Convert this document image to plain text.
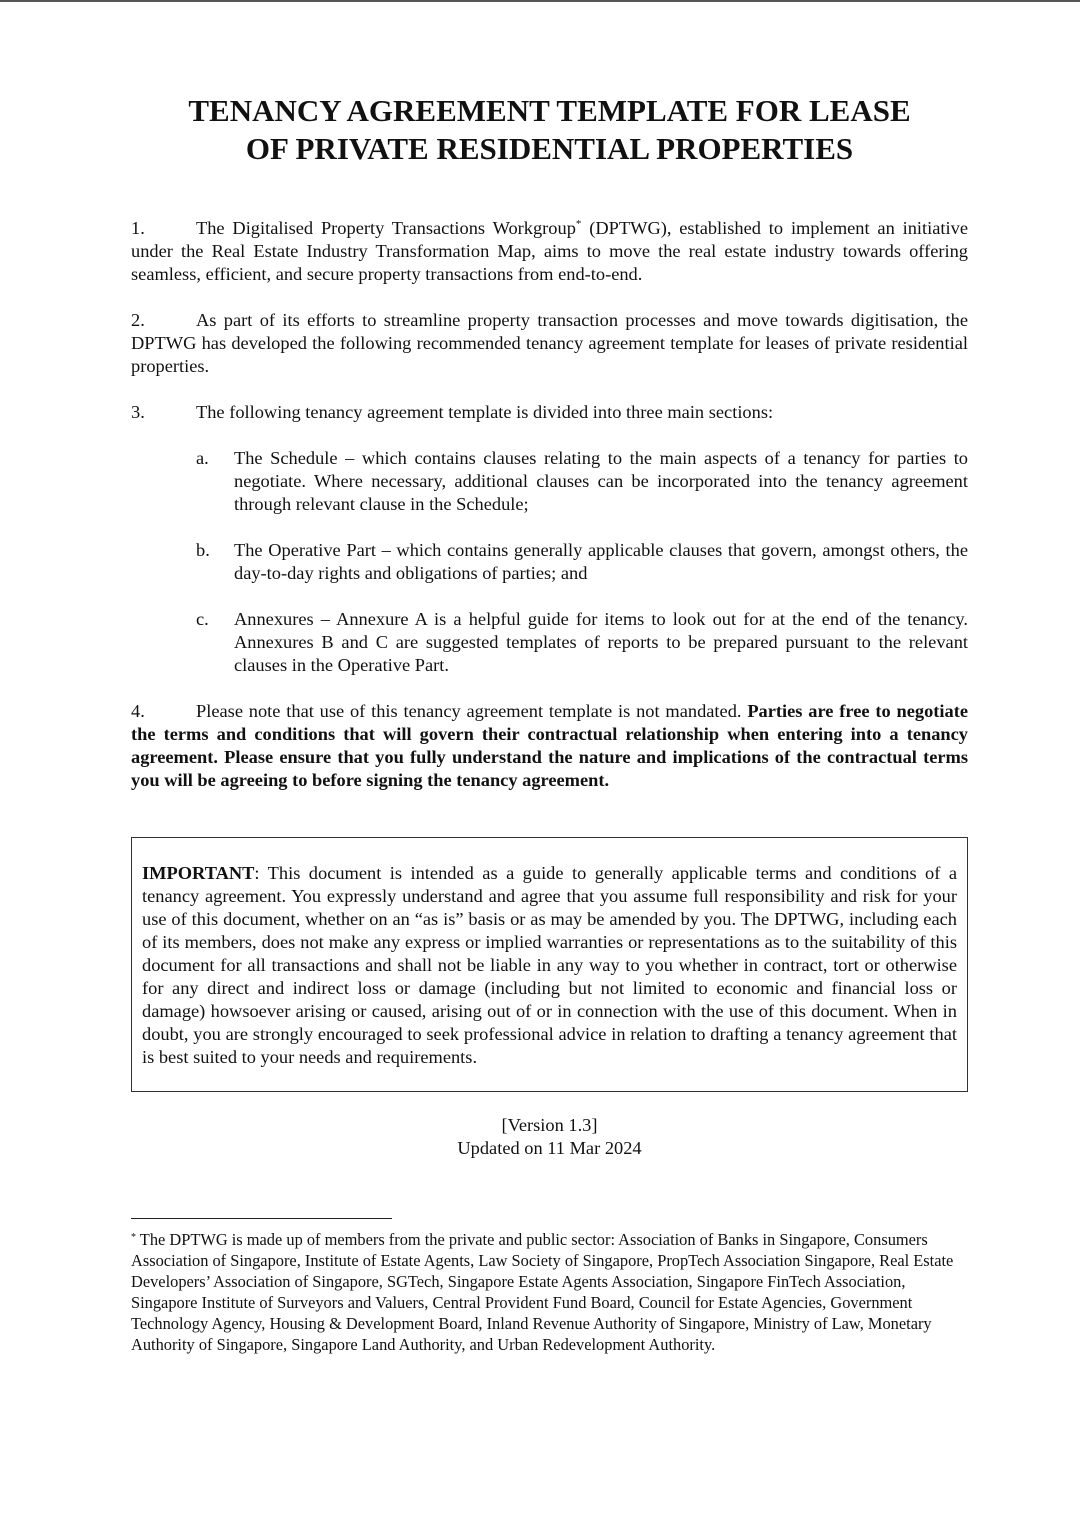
TENANCY AGREEMENT TEMPLATE FOR LEASE
OF PRIVATE RESIDENTIAL PROPERTIES

1.	The Digitalised Property Transactions Workgroup* (DPTWG), established to implement an initiative under the Real Estate Industry Transformation Map, aims to move the real estate industry towards offering seamless, efficient, and secure property transactions from end-to-end.

2.	As part of its efforts to streamline property transaction processes and move towards digitisation, the DPTWG has developed the following recommended tenancy agreement template for leases of private residential properties.

3.	The following tenancy agreement template is divided into three main sections:

a. The Schedule – which contains clauses relating to the main aspects of a tenancy for parties to negotiate. Where necessary, additional clauses can be incorporated into the tenancy agreement through relevant clause in the Schedule;

b. The Operative Part – which contains generally applicable clauses that govern, amongst others, the day-to-day rights and obligations of parties; and

c. Annexures – Annexure A is a helpful guide for items to look out for at the end of the tenancy. Annexures B and C are suggested templates of reports to be prepared pursuant to the relevant clauses in the Operative Part.

4.	Please note that use of this tenancy agreement template is not mandated. Parties are free to negotiate the terms and conditions that will govern their contractual relationship when entering into a tenancy agreement. Please ensure that you fully understand the nature and implications of the contractual terms you will be agreeing to before signing the tenancy agreement.

IMPORTANT: This document is intended as a guide to generally applicable terms and conditions of a tenancy agreement. You expressly understand and agree that you assume full responsibility and risk for your use of this document, whether on an “as is” basis or as may be amended by you. The DPTWG, including each of its members, does not make any express or implied warranties or representations as to the suitability of this document for all transactions and shall not be liable in any way to you whether in contract, tort or otherwise for any direct and indirect loss or damage (including but not limited to economic and financial loss or damage) howsoever arising or caused, arising out of or in connection with the use of this document. When in doubt, you are strongly encouraged to seek professional advice in relation to drafting a tenancy agreement that is best suited to your needs and requirements.
[Version 1.3]
Updated on 11 Mar 2024

* The DPTWG is made up of members from the private and public sector: Association of Banks in Singapore, Consumers Association of Singapore, Institute of Estate Agents, Law Society of Singapore, PropTech Association Singapore, Real Estate Developers’ Association of Singapore, SGTech, Singapore Estate Agents Association, Singapore FinTech Association, Singapore Institute of Surveyors and Valuers, Central Provident Fund Board, Council for Estate Agencies, Government Technology Agency, Housing & Development Board, Inland Revenue Authority of Singapore, Ministry of Law, Monetary Authority of Singapore, Singapore Land Authority, and Urban Redevelopment Authority.
